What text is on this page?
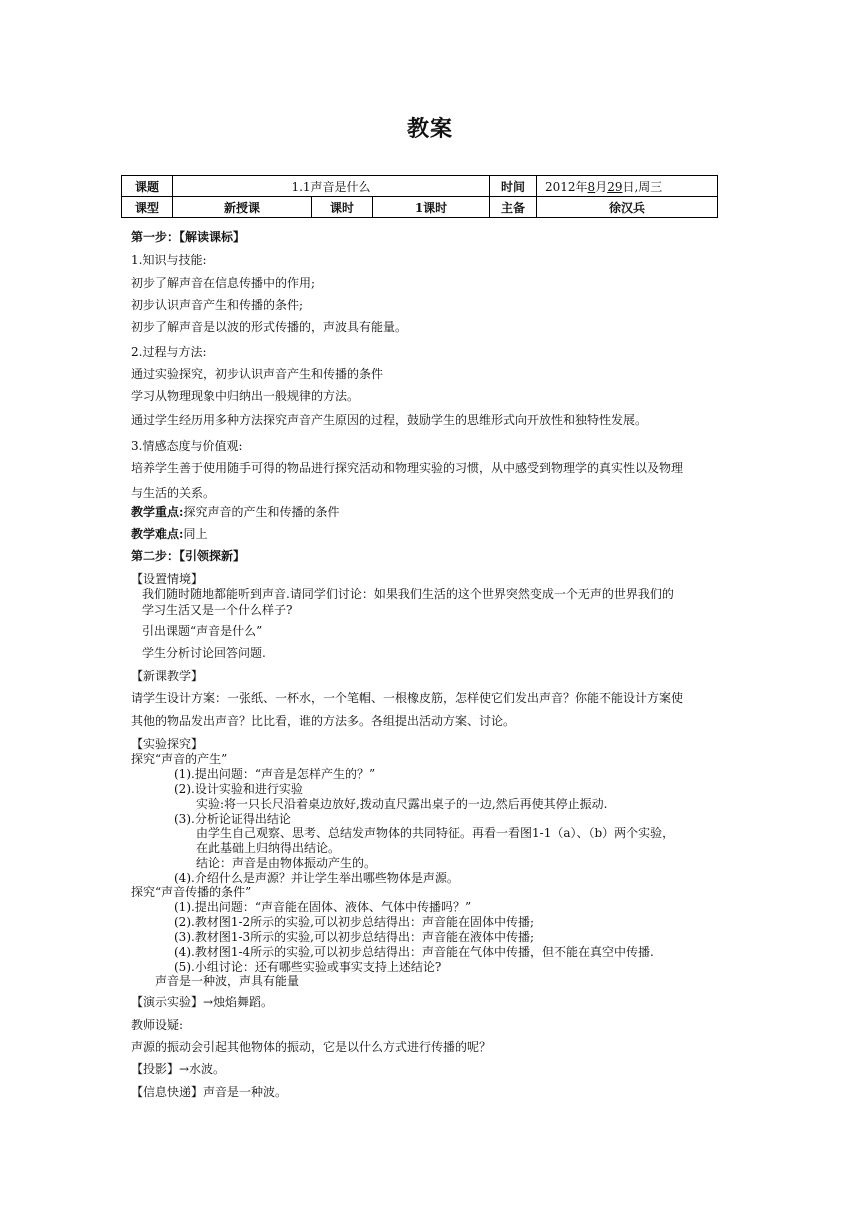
教案
课题	1.1声音是什么			时间	2012年8月29日,周三
课型	新授课	课时	1课时	主备	徐汉兵
第一步：【解读课标】
1.知识与技能:
初步了解声音在信息传播中的作用;
初步认识声音产生和传播的条件;
初步了解声音是以波的形式传播的，声波具有能量。
2.过程与方法:
通过实验探究，初步认识声音产生和传播的条件
学习从物理现象中归纳出一般规律的方法。
通过学生经历用多种方法探究声音产生原因的过程，鼓励学生的思维形式向开放性和独特性发展。
3.情感态度与价值观:
培养学生善于使用随手可得的物品进行探究活动和物理实验的习惯，从中感受到物理学的真实性以及物理
与生活的关系。
教学重点:探究声音的产生和传播的条件
教学难点:同上
第二步：【引领探新】
【设置情境】
我们随时随地都能听到声音.请同学们讨论：如果我们生活的这个世界突然变成一个无声的世界我们的
学习生活又是一个什么样子?
引出课题“声音是什么”
学生分析讨论回答问题.
【新课教学】
请学生设计方案：一张纸、一杯水，一个笔帽、一根橡皮筋，怎样使它们发出声音？你能不能设计方案使
其他的物品发出声音？比比看，谁的方法多。各组提出活动方案、讨论。
【实验探究】
探究“声音的产生”
(1).提出问题：“声音是怎样产生的？”
(2).设计实验和进行实验
实验:将一只长尺沿着桌边放好,拨动直尺露出桌子的一边,然后再使其停止振动.
(3).分析论证得出结论
由学生自己观察、思考、总结发声物体的共同特征。再看一看图1-1（a）、（b）两个实验，
在此基础上归纳得出结论。
结论：声音是由物体振动产生的。
(4).介绍什么是声源？并让学生举出哪些物体是声源。
探究“声音传播的条件”
(1).提出问题：“声音能在固体、液体、气体中传播吗？”
(2).教材图1-2所示的实验,可以初步总结得出：声音能在固体中传播;
(3).教材图1-3所示的实验,可以初步总结得出：声音能在液体中传播;
(4).教材图1-4所示的实验,可以初步总结得出：声音能在气体中传播，但不能在真空中传播.
(5).小组讨论：还有哪些实验或事实支持上述结论?
声音是一种波，声具有能量
【演示实验】→烛焰舞蹈。
教师设疑:
声源的振动会引起其他物体的振动，它是以什么方式进行传播的呢？
【投影】→水波。
【信息快递】声音是一种波。
